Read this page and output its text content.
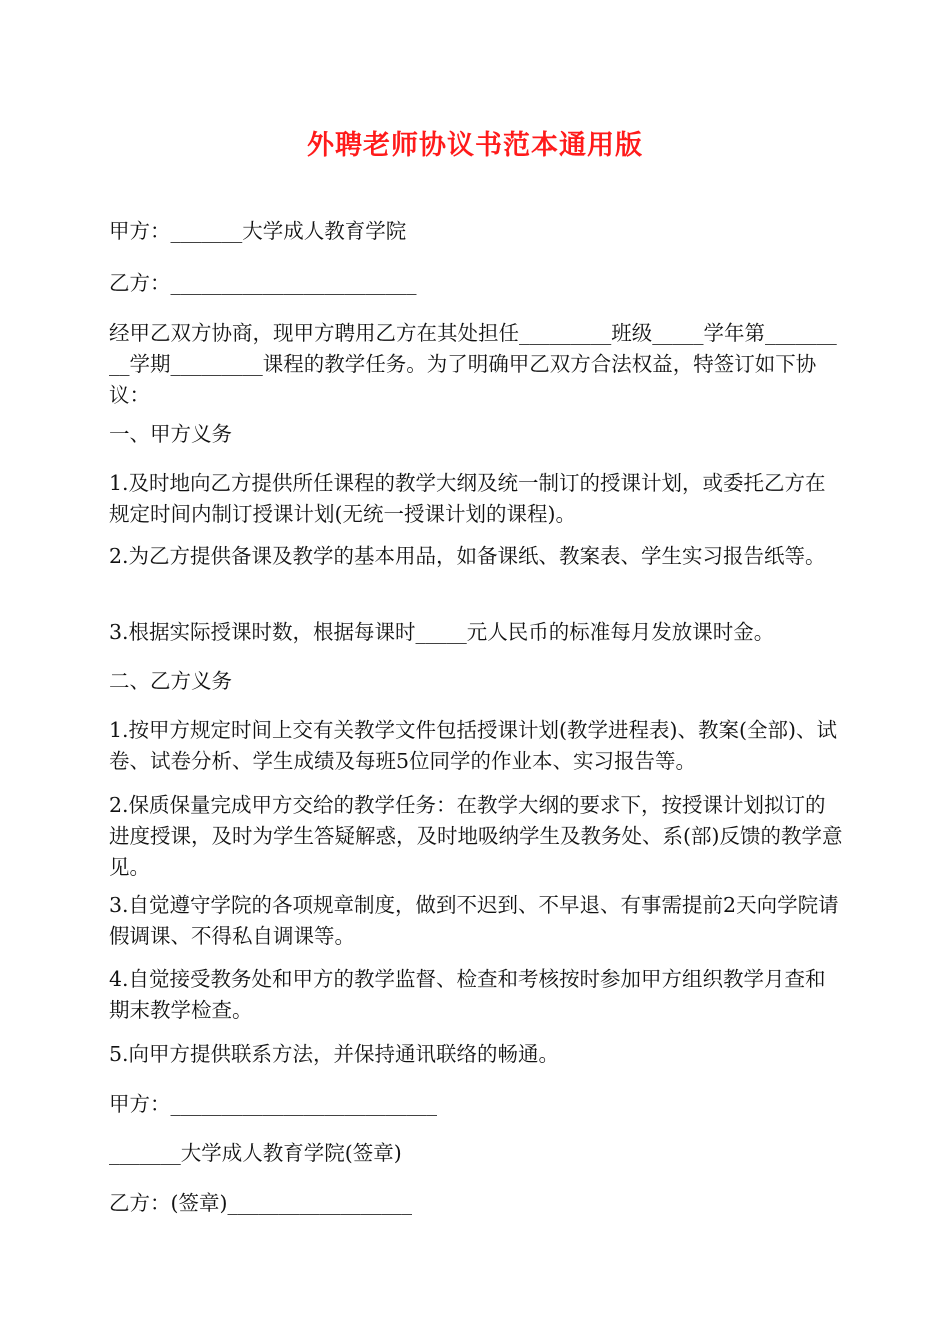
外聘老师协议书范本通用版
甲方：_______大学成人教育学院
乙方：________________________
经甲乙双方协商，现甲方聘用乙方在其处担任_________班级_____学年第_________学期_________课程的教学任务。为了明确甲乙双方合法权益，特签订如下协议：
一、甲方义务
1.及时地向乙方提供所任课程的教学大纲及统一制订的授课计划，或委托乙方在规定时间内制订授课计划(无统一授课计划的课程)。
2.为乙方提供备课及教学的基本用品，如备课纸、教案表、学生实习报告纸等。
3.根据实际授课时数，根据每课时_____元人民币的标准每月发放课时金。
二、乙方义务
1.按甲方规定时间上交有关教学文件包括授课计划(教学进程表)、教案(全部)、试卷、试卷分析、学生成绩及每班5位同学的作业本、实习报告等。
2.保质保量完成甲方交给的教学任务：在教学大纲的要求下，按授课计划拟订的进度授课，及时为学生答疑解惑，及时地吸纳学生及教务处、系(部)反馈的教学意见。
3.自觉遵守学院的各项规章制度，做到不迟到、不早退、有事需提前2天向学院请假调课、不得私自调课等。
4.自觉接受教务处和甲方的教学监督、检查和考核按时参加甲方组织教学月查和期末教学检查。
5.向甲方提供联系方法，并保持通讯联络的畅通。
甲方：__________________________
_______大学成人教育学院(签章)
乙方：(签章)__________________
